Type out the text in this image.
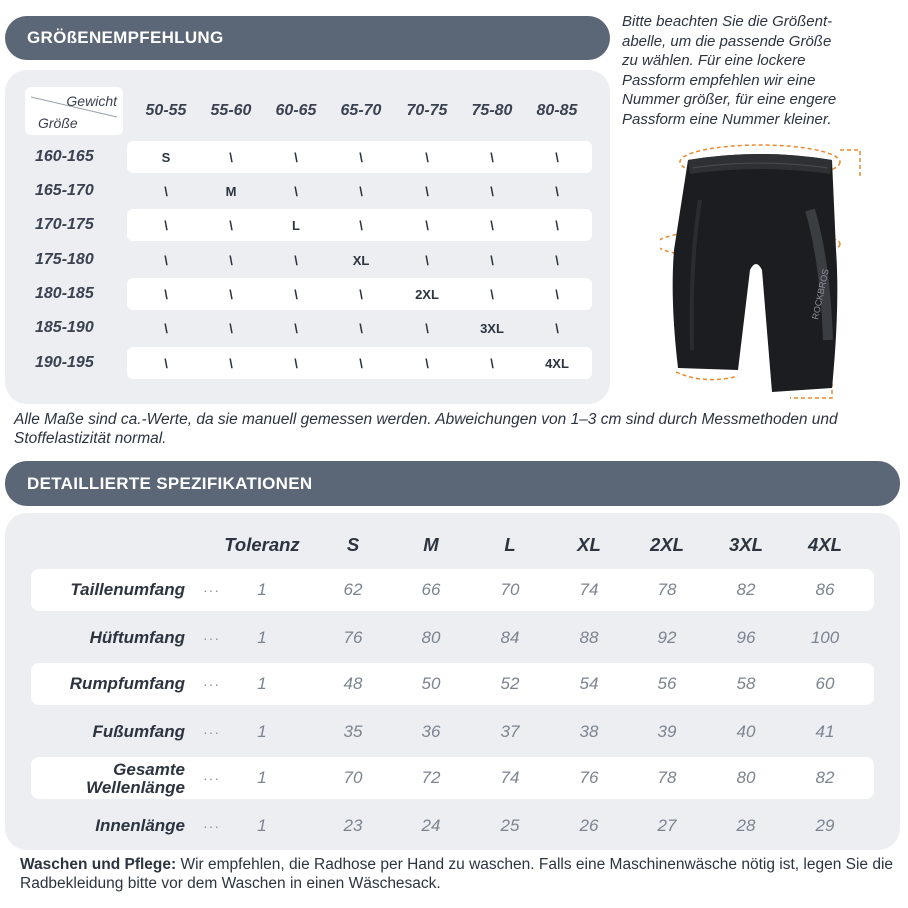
GRÖßENEMPFEHLUNG
Gewicht
Größe
50-55	55-60	60-65	65-70	70-75	75-80	80-85
160-165	S	\	\	\	\	\	\
165-170	\	M	\	\	\	\	\
170-175	\	\	L	\	\	\	\
175-180	\	\	\	XL	\	\	\
180-185	\	\	\	\	2XL	\	\
185-190	\	\	\	\	\	3XL	\
190-195	\	\	\	\	\	\	4XL
Bitte beachten Sie die Größent-
abelle, um die passende Größe
zu wählen. Für eine lockere
Passform empfehlen wir eine
Nummer größer, für eine engere
Passform eine Nummer kleiner.
ROCKBROS
Alle Maße sind ca.-Werte, da sie manuell gemessen werden. Abweichungen von 1–3 cm sind durch Messmethoden und Stoffelastizität normal.
DETAILLIERTE SPEZIFIKATIONEN
Toleranz	S	M	L	XL	2XL	3XL	4XL
Taillenumfang ···	1	62	66	70	74	78	82	86
Hüftumfang ···	1	76	80	84	88	92	96	100
Rumpfumfang ···	1	48	50	52	54	56	58	60
Fußumfang ···	1	35	36	37	38	39	40	41
Gesamte
Wellenlänge ···	1	70	72	74	76	78	80	82
Innenlänge ···	1	23	24	25	26	27	28	29
Waschen und Pflege: Wir empfehlen, die Radhose per Hand zu waschen. Falls eine Maschinenwäsche nötig ist, legen Sie die Radbekleidung bitte vor dem Waschen in einen Wäschesack.
